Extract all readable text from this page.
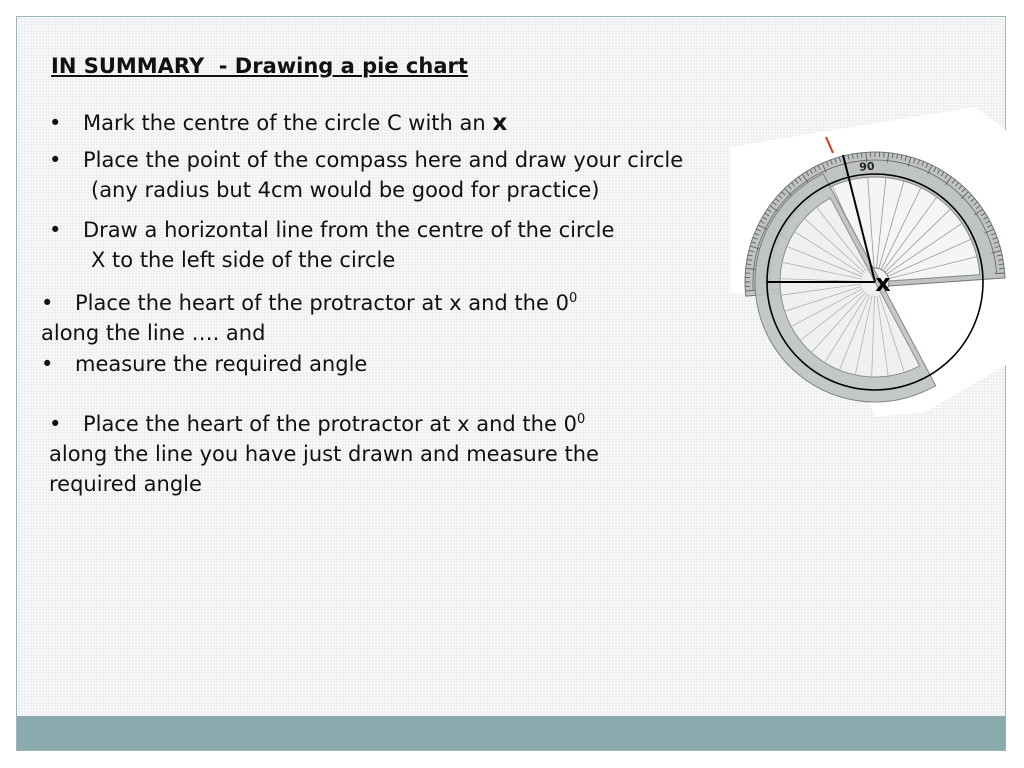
IN SUMMARY  - Drawing a pie chart
• Mark the centre of the circle C with an x
• Place the point of the compass here and draw your circle
(any radius but 4cm would be good for practice)
• Draw a horizontal line from the centre of the circle
X to the left side of the circle
• Place the heart of the protractor at x and the $0^0$
along the line …. and
• measure the required angle
• Place the heart of the protractor at x and the $0^0$
along the line you have just drawn and measure the
required angle
90
x
